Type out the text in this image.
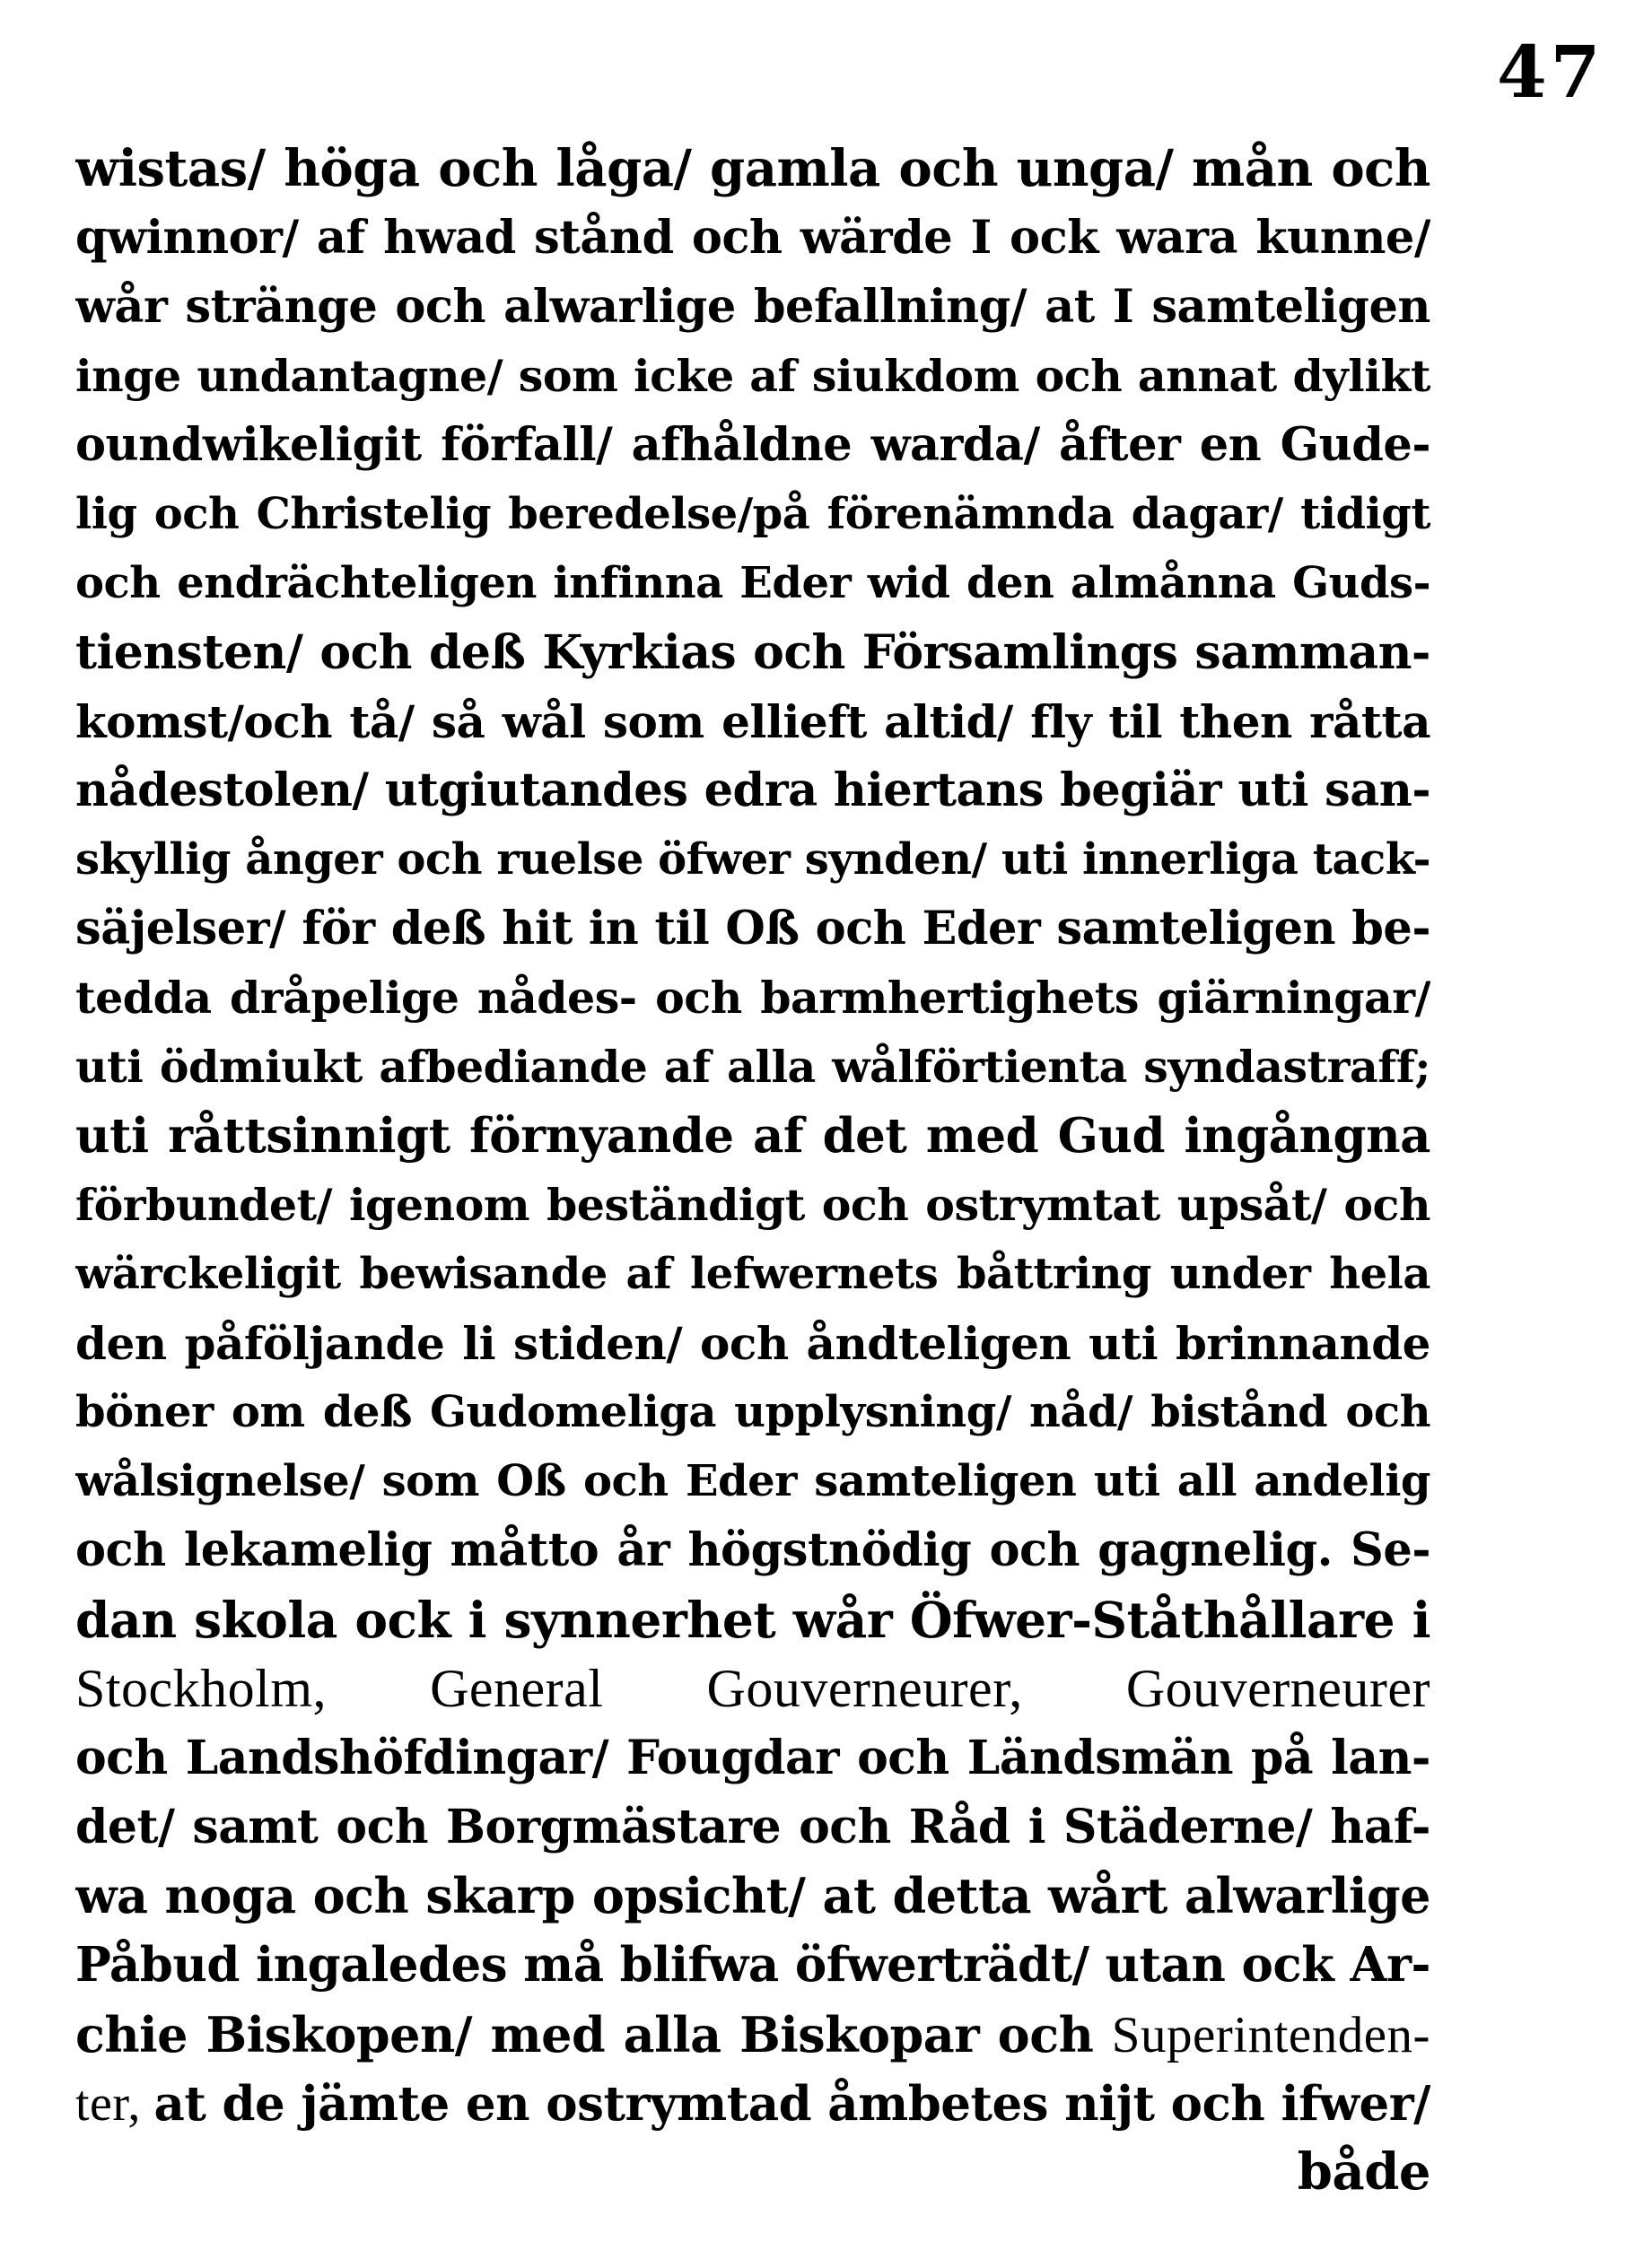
47
wistas/ höga och låga/ gamla och unga/ mån och
qwinnor/ af hwad stånd och wärde I ock wara kunne/
wår stränge och alwarlige befallning/ at I samteligen
inge undantagne/ som icke af siukdom och annat dylikt
oundwikeligit förfall/ afhåldne warda/ åfter en Gude-
lig och Christelig beredelse/på förenämnda dagar/ tidigt
och endrächteligen infinna Eder wid den almånna Guds-
tiensten/ och deß Kyrkias och Församlings samman-
komst/och tå/ så wål som ellieft altid/ fly til then råtta
nådestolen/ utgiutandes edra hiertans begiär uti san-
skyllig ånger och ruelse öfwer synden/ uti innerliga tack-
säjelser/ för deß hit in til Oß och Eder samteligen be-
tedda dråpelige nådes- och barmhertighets giärningar/
uti ödmiukt afbediande af alla wålförtienta syndastraff;
uti råttsinnigt förnyande af det med Gud ingångna
förbundet/ igenom beständigt och ostrymtat upsåt/ och
wärckeligit bewisande af lefwernets båttring under hela
den påföljande li stiden/ och åndteligen uti brinnande
böner om deß Gudomeliga upplysning/ nåd/ bistånd och
wålsignelse/ som Oß och Eder samteligen uti all andelig
och lekamelig måtto år högstnödig och gagnelig. Se-
dan skola ock i synnerhet wår Öfwer-Ståthållare i
Stockholm, General Gouverneurer, Gouverneurer
och Landshöfdingar/ Fougdar och Ländsmän på lan-
det/ samt och Borgmästare och Råd i Städerne/ haf-
wa noga och skarp opsicht/ at detta wårt alwarlige
Påbud ingaledes må blifwa öfwerträdt/ utan ock Ar-
chie Biskopen/ med alla Biskopar och Superintenden-
ter, at de jämte en ostrymtad åmbetes nijt och ifwer/
både
